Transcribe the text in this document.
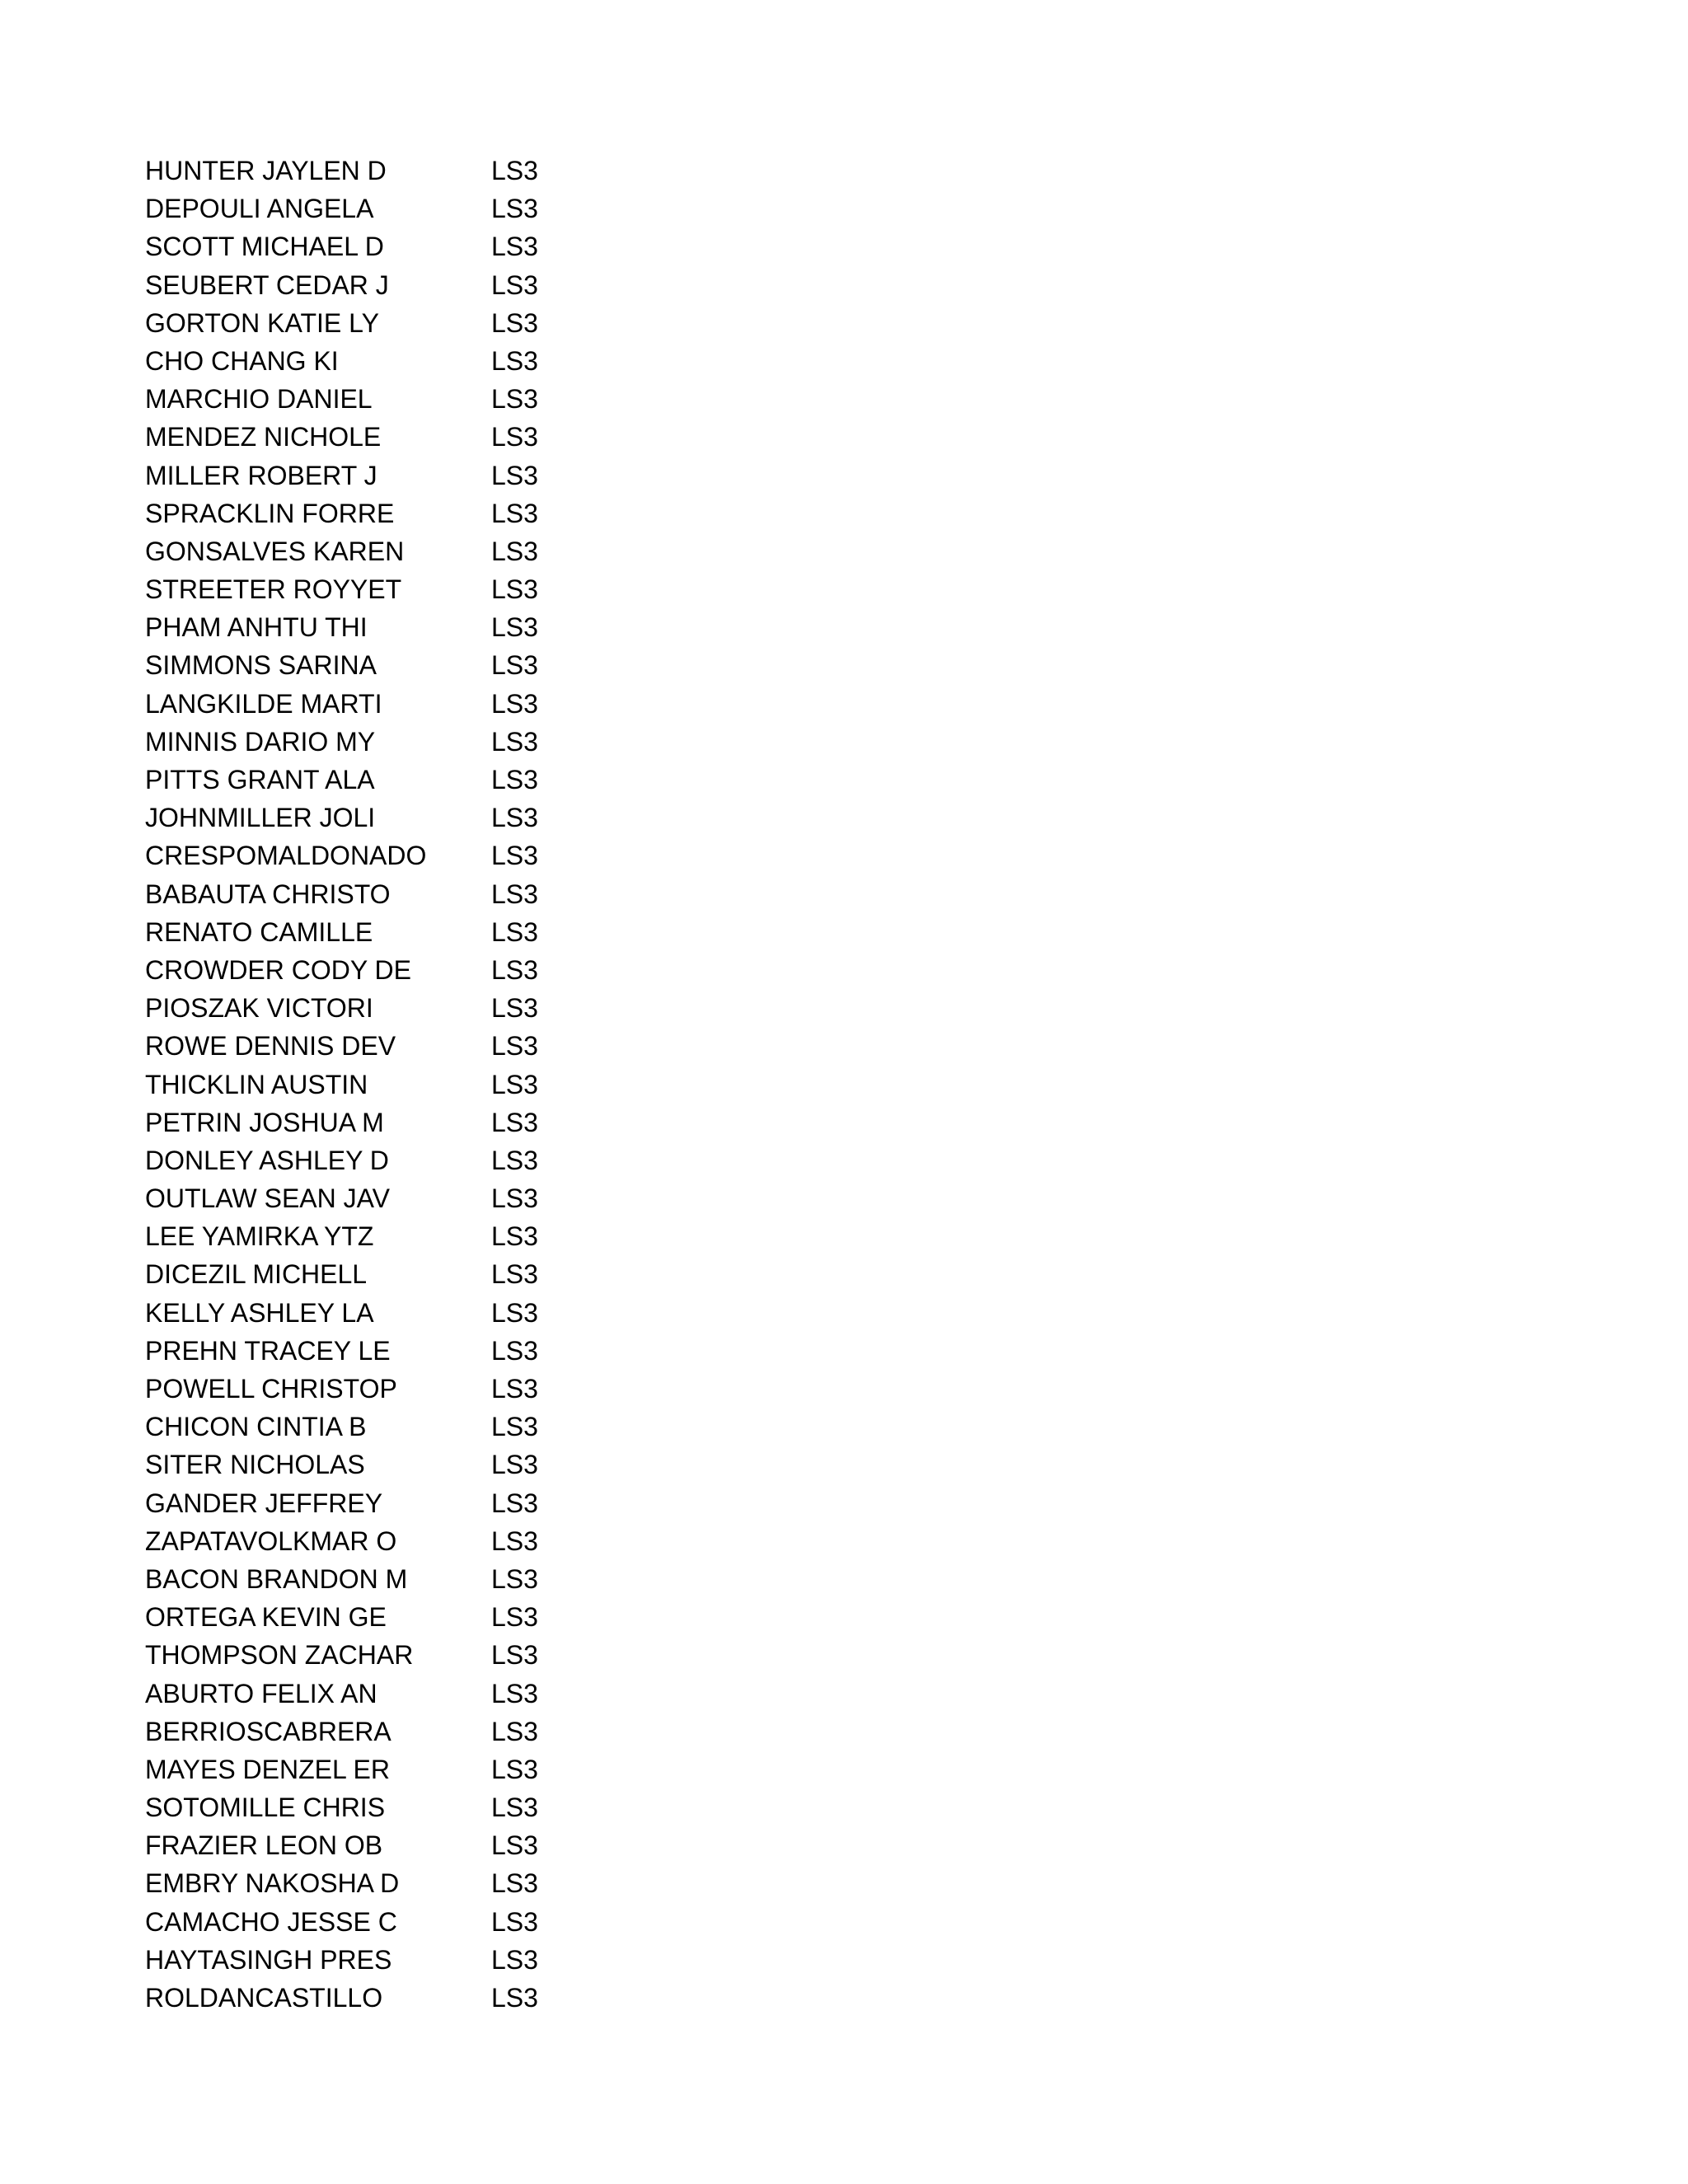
HUNTER JAYLEN D	LS3
DEPOULI ANGELA	LS3
SCOTT MICHAEL D	LS3
SEUBERT CEDAR J	LS3
GORTON KATIE LY	LS3
CHO CHANG KI	LS3
MARCHIO DANIEL	LS3
MENDEZ NICHOLE	LS3
MILLER ROBERT J	LS3
SPRACKLIN FORRE	LS3
GONSALVES KAREN	LS3
STREETER ROYYET	LS3
PHAM ANHTU THI	LS3
SIMMONS SARINA	LS3
LANGKILDE MARTI	LS3
MINNIS DARIO MY	LS3
PITTS GRANT ALA	LS3
JOHNMILLER JOLI	LS3
CRESPOMALDONADO	LS3
BABAUTA CHRISTO	LS3
RENATO CAMILLE	LS3
CROWDER CODY DE	LS3
PIOSZAK VICTORI	LS3
ROWE DENNIS DEV	LS3
THICKLIN AUSTIN	LS3
PETRIN JOSHUA M	LS3
DONLEY ASHLEY D	LS3
OUTLAW SEAN JAV	LS3
LEE YAMIRKA YTZ	LS3
DICEZIL MICHELL	LS3
KELLY ASHLEY LA	LS3
PREHN TRACEY LE	LS3
POWELL CHRISTOP	LS3
CHICON CINTIA B	LS3
SITER NICHOLAS	LS3
GANDER JEFFREY	LS3
ZAPATAVOLKMAR O	LS3
BACON BRANDON M	LS3
ORTEGA KEVIN GE	LS3
THOMPSON ZACHAR	LS3
ABURTO FELIX AN	LS3
BERRIOSCABRERA	LS3
MAYES DENZEL ER	LS3
SOTOMILLE CHRIS	LS3
FRAZIER LEON OB	LS3
EMBRY NAKOSHA D	LS3
CAMACHO JESSE C	LS3
HAYTASINGH PRES	LS3
ROLDANCASTILLO	LS3
